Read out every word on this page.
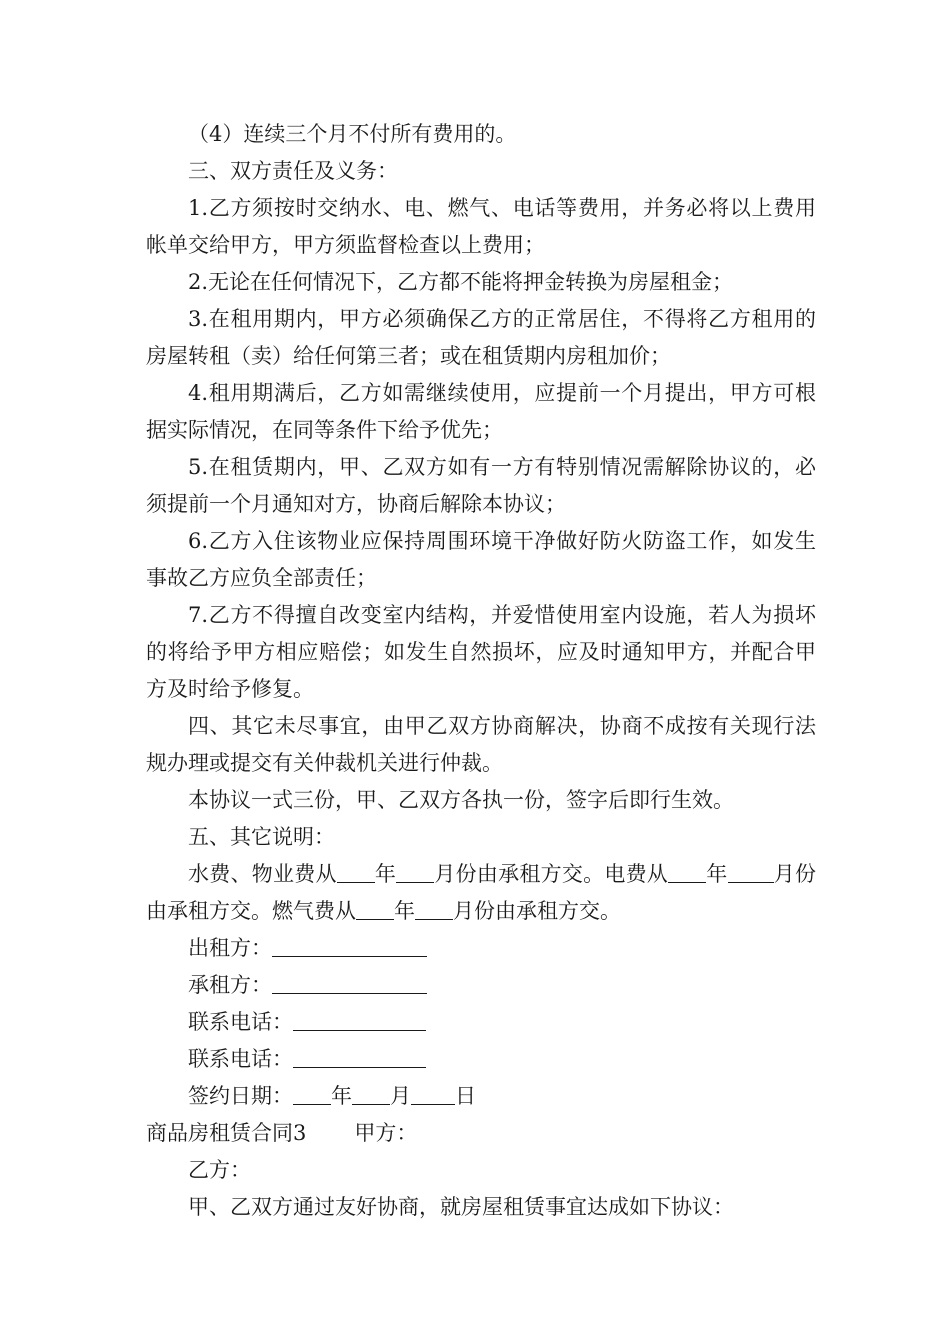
（4）连续三个月不付所有费用的。

三、双方责任及义务：

1.乙方须按时交纳水、电、燃气、电话等费用，并务必将以上费用帐单交给甲方，甲方须监督检查以上费用；

2.无论在任何情况下，乙方都不能将押金转换为房屋租金；

3.在租用期内，甲方必须确保乙方的正常居住，不得将乙方租用的房屋转租（卖）给任何第三者；或在租赁期内房租加价；

4.租用期满后，乙方如需继续使用，应提前一个月提出，甲方可根据实际情况，在同等条件下给予优先；

5.在租赁期内，甲、乙双方如有一方有特别情况需解除协议的，必须提前一个月通知对方，协商后解除本协议；

6.乙方入住该物业应保持周围环境干净做好防火防盗工作，如发生事故乙方应负全部责任；

7.乙方不得擅自改变室内结构，并爱惜使用室内设施，若人为损坏的将给予甲方相应赔偿；如发生自然损坏，应及时通知甲方，并配合甲方及时给予修复。

四、其它未尽事宜，由甲乙双方协商解决，协商不成按有关现行法规办理或提交有关仲裁机关进行仲裁。

本协议一式三份，甲、乙双方各执一份，签字后即行生效。

五、其它说明：

水费、物业费从 年 月份由承租方交。电费从 年 月份由承租方交。燃气费从 年 月份由承租方交。

出租方：

承租方：

联系电话：

联系电话：

签约日期： 年 月 日

商品房租赁合同3 甲方：

乙方：

甲、乙双方通过友好协商，就房屋租赁事宜达成如下协议：
